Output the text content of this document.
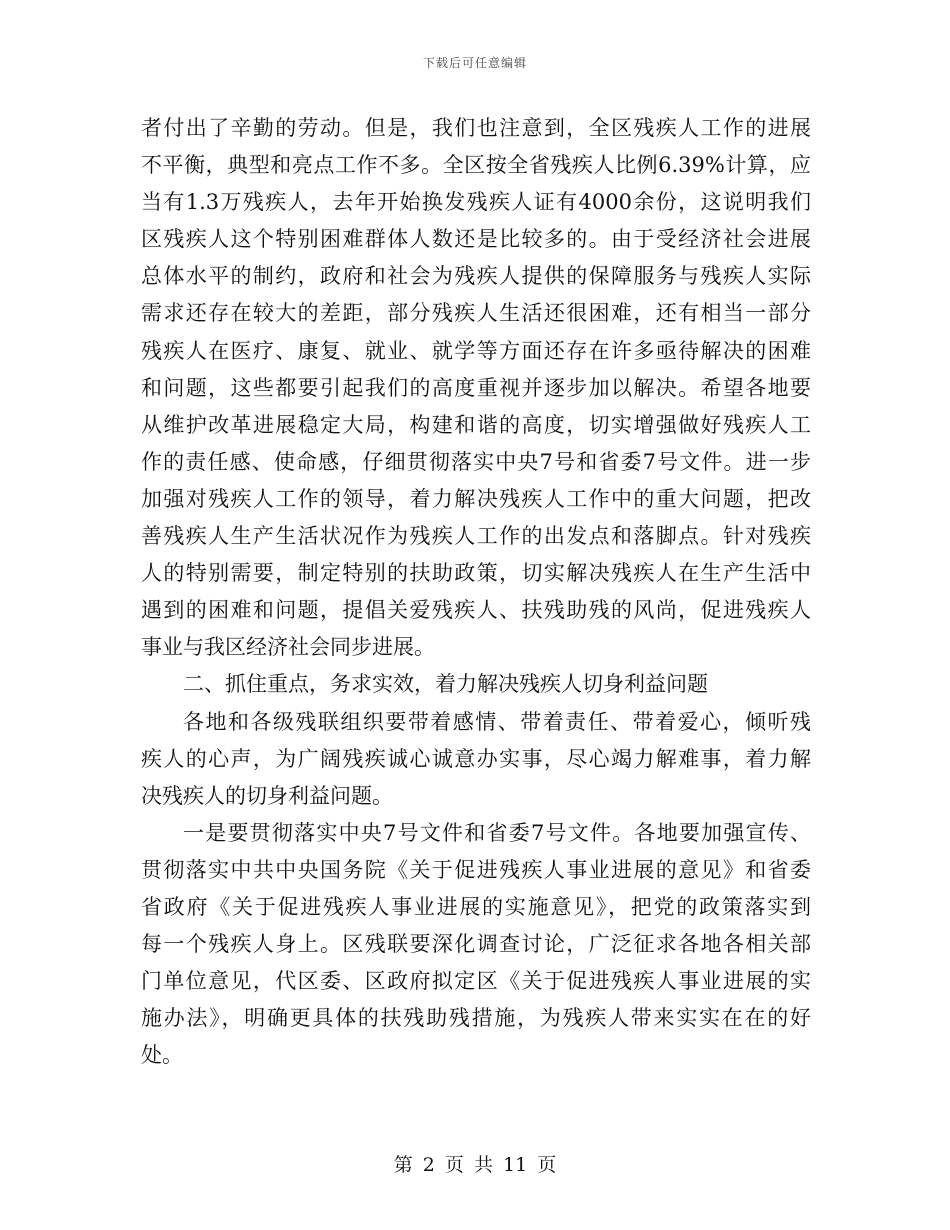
下载后可任意编辑
者付出了辛勤的劳动。但是，我们也注意到，全区残疾人工作的进展
不平衡，典型和亮点工作不多。全区按全省残疾人比例6.39%计算，应
当有1.3万残疾人，去年开始换发残疾人证有4000余份，这说明我们
区残疾人这个特别困难群体人数还是比较多的。由于受经济社会进展
总体水平的制约，政府和社会为残疾人提供的保障服务与残疾人实际
需求还存在较大的差距，部分残疾人生活还很困难，还有相当一部分
残疾人在医疗、康复、就业、就学等方面还存在许多亟待解决的困难
和问题，这些都要引起我们的高度重视并逐步加以解决。希望各地要
从维护改革进展稳定大局，构建和谐的高度，切实增强做好残疾人工
作的责任感、使命感，仔细贯彻落实中央7号和省委7号文件。进一步
加强对残疾人工作的领导，着力解决残疾人工作中的重大问题，把改
善残疾人生产生活状况作为残疾人工作的出发点和落脚点。针对残疾
人的特别需要，制定特别的扶助政策，切实解决残疾人在生产生活中
遇到的困难和问题，提倡关爱残疾人、扶残助残的风尚，促进残疾人
事业与我区经济社会同步进展。
二、抓住重点，务求实效，着力解决残疾人切身利益问题
各地和各级残联组织要带着感情、带着责任、带着爱心，倾听残
疾人的心声，为广阔残疾诚心诚意办实事，尽心竭力解难事，着力解
决残疾人的切身利益问题。
一是要贯彻落实中央7号文件和省委7号文件。各地要加强宣传、
贯彻落实中共中央国务院《关于促进残疾人事业进展的意见》和省委
省政府《关于促进残疾人事业进展的实施意见》，把党的政策落实到
每一个残疾人身上。区残联要深化调查讨论，广泛征求各地各相关部
门单位意见，代区委、区政府拟定区《关于促进残疾人事业进展的实
施办法》，明确更具体的扶残助残措施，为残疾人带来实实在在的好
处。
第 2 页 共 11 页
